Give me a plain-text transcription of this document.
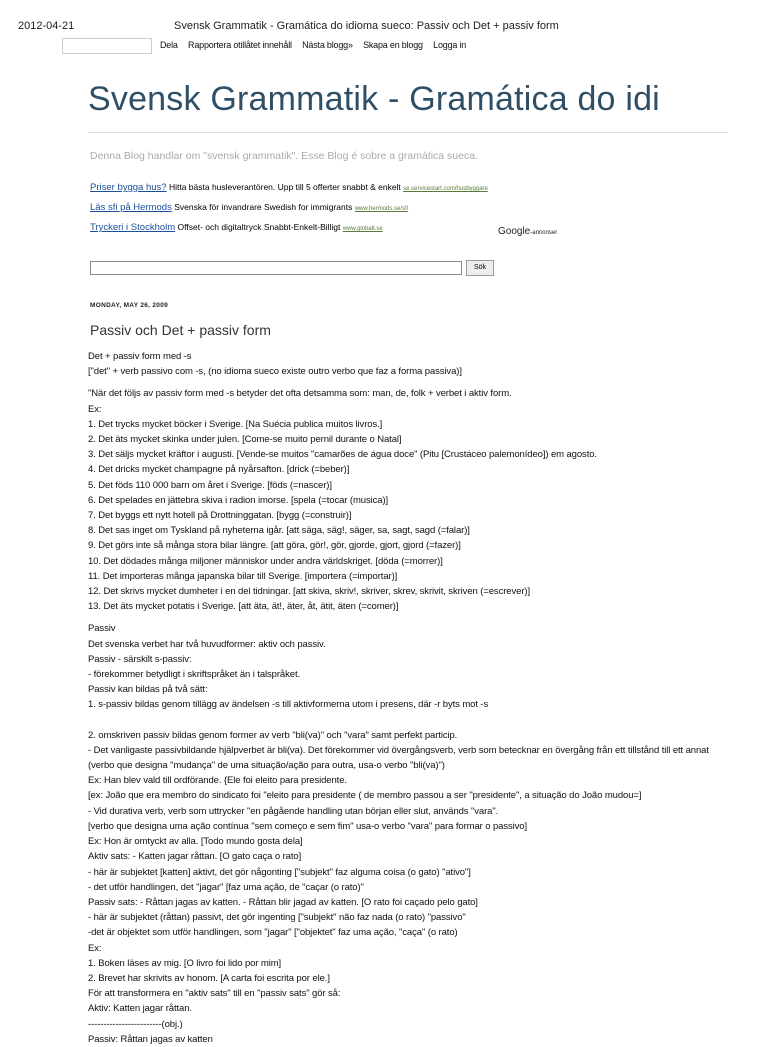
2012-04-21	Svensk Grammatik - Gramática do idioma sueco: Passiv och Det + passiv form
Dela Rapportera otillåtet innehåll Nästa blogg» Skapa en blogg Logga in
Svensk Grammatik - Gramática do idi
Denna Blog handlar om "svensk grammatik". Esse Blog é sobre a gramática sueca.
Priser bygga hus? Hitta bästa husleverantören. Upp till 5 offerter snabbt & enkelt se.servicestart.com/husbyggare
Läs sfi på Hermods Svenska för invandrare Swedish for immigrants www.hermods.se/sfi
Tryckeri i Stockholm Offset- och digitaltryck Snabbt-Enkelt-Billigt www.globalt.se	Google-annonser
Sök
MONDAY, MAY 26, 2009
Passiv och Det + passiv form

Det + passiv form med -s

["det" + verb passivo com -s, (no idioma sueco existe outro verbo que faz a forma passiva)]

"När det följs av passiv form med -s betyder det ofta detsamma som: man, de, folk + verbet i aktiv form.

Ex:

1. Det trycks mycket böcker i Sverige. [Na Suécia publica muitos livros.]

2. Det äts mycket skinka under julen. [Come-se muito pernil durante o Natal]

3. Det säljs mycket kräftor i augusti. [Vende-se muitos "camarões de água doce" (Pitu [Crustáceo palemonídeo]) em agosto.

4. Det dricks mycket champagne på nyårsafton. [drick (=beber)]

5. Det föds 110 000 barn om året i Sverige. [föds (=nascer)]

6. Det spelades en jättebra skiva i radion imorse. [spela (=tocar (musica)]

7. Det byggs ett nytt hotell på Drottninggatan. [bygg (=construir)]

8. Det sas inget om Tyskland på nyheterna igår. [att säga, säg!, säger, sa, sagt, sagd (=falar)]

9. Det görs inte så många stora bilar längre. [att göra, gör!, gör, gjorde, gjort, gjord (=fazer)]

10. Det dödades många miljoner människor under andra världskriget. [döda (=morrer)]

11. Det importeras många japanska bilar till Sverige. [importera (=importar)]

12. Det skrivs mycket dumheter i en del tidningar. [att skiva, skriv!, skriver, skrev, skrivit, skriven (=escrever)]

13. Det äts mycket potatis i Sverige. [att äta, ät!, äter, åt, ätit, äten (=comer)]

Passiv

Det svenska verbet har två huvudformer: aktiv och passiv.

Passiv - särskilt s-passiv:

- förekommer betydligt i skriftspråket än i talspråket.

Passiv kan bildas på två sätt:

1. s-passiv bildas genom tillägg av ändelsen -s till aktivformerna utom i presens, där -r byts mot -s

2. omskriven passiv bildas genom former av verb "bli(va)" och "vara" samt perfekt particip.

- Det vanligaste passivbildande hjälpverbet är bli(va). Det förekommer vid övergångsverb, verb som betecknar en övergång från ett tillstånd till ett annat

(verbo que designa "mudança" de uma situação/ação para outra, usa-o verbo "bli(va)")

Ex: Han blev vald till ordförande. {Ele foi eleito para presidente.

[ex: João que era membro do sindicato foi "eleito para presidente ( de membro passou a ser "presidente", a situação do João mudou=]

- Vid durativa verb, verb som uttrycker "en pågående handling utan början eller slut, används "vara".

[verbo que designa uma ação contínua "sem começo e sem fim" usa-o verbo "vara" para formar o passivo]

Ex: Hon är omtyckt av alla. [Todo mundo gosta dela]

Aktiv sats: - Katten jagar råttan. [O gato caça o rato]

- här är subjektet [katten] aktivt, det gör någonting ["subjekt" faz alguma coisa (o gato) "ativo"]

- det utför handlingen, det "jagar" [faz uma ação, de "caçar (o rato)"

Passiv sats: - Råttan jagas av katten. - Råttan blir jagad av katten. [O rato foi caçado pelo gato]

- här är subjektet (råttan) passivt, det gör ingenting ["subjekt" não faz nada (o rato) "passivo"

-det är objektet som utför handlingen, som "jagar" ["objektet" faz uma ação, "caça" (o rato)

Ex:

1. Boken läses av mig. [O livro foi lido por mim]

2. Brevet har skrivits av honom. [A carta foi escrita por ele.]

För att transformera en "aktiv sats" till en "passiv sats" gör så:

Aktiv: Katten jagar råttan.

------------------------(obj.)

Passiv: Råttan jagas av katten
